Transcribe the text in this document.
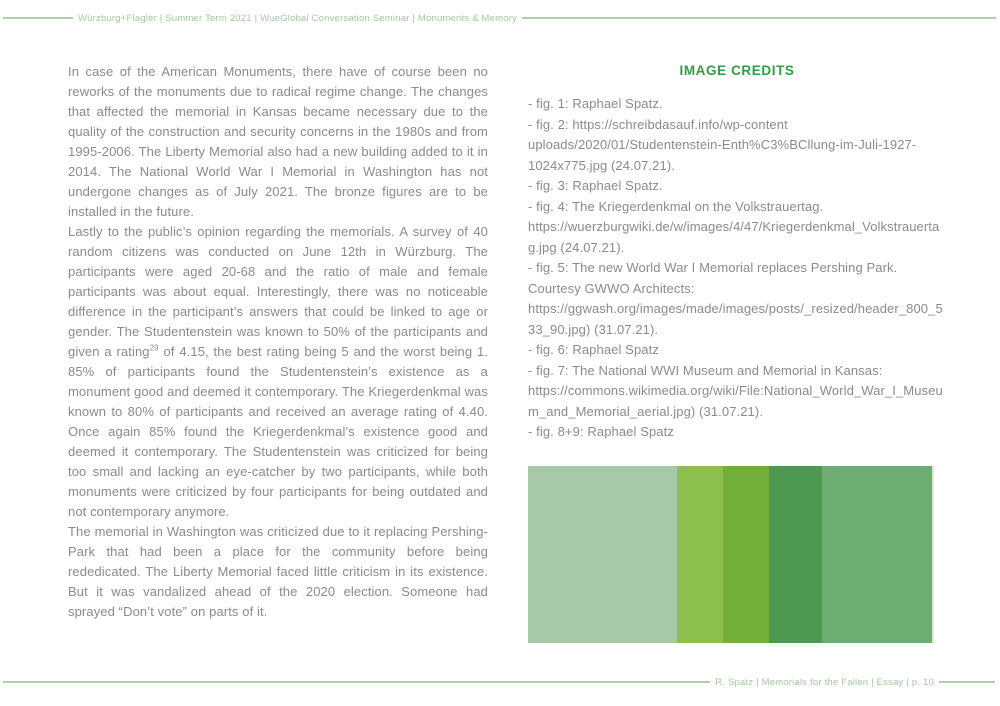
Würzburg+Flagler | Summer Term 2021 | WueGlobal Conversation Seminar | Monuments & Memory

In case of the American Monuments, there have of course been no reworks of the monuments due to radical regime change. The changes that affected the memorial in Kansas became necessary due to the quality of the construction and security concerns in the 1980s and from 1995-2006. The Liberty Memorial also had a new building added to it in 2014. The National World War I Memorial in Washington has not undergone changes as of July 2021. The bronze figures are to be installed in the future.

Lastly to the public’s opinion regarding the memorials. A survey of 40 random citizens was conducted on June 12th in Würzburg. The participants were aged 20-68 and the ratio of male and female participants was about equal. Interestingly, there was no noticeable difference in the participant’s answers that could be linked to age or gender. The Studentenstein was known to 50% of the participants and given a rating$^{29}$ of 4.15, the best rating being 5 and the worst being 1. 85% of participants found the Studentenstein’s existence as a monument good and deemed it contemporary. The Kriegerdenkmal was known to 80% of participants and received an average rating of 4.40. Once again 85% found the Kriegerdenkmal’s existence good and deemed it contemporary. The Studentenstein was criticized for being too small and lacking an eye-catcher by two participants, while both monuments were criticized by four participants for being outdated and not contemporary anymore.

The memorial in Washington was criticized due to it replacing Pershing-Park that had been a place for the community before being rededicated. The Liberty Memorial faced little criticism in its existence. But it was vandalized ahead of the 2020 election. Someone had sprayed “Don’t vote” on parts of it.

IMAGE CREDITS
- fig. 1: Raphael Spatz.
- fig. 2: https://schreibdasauf.info/wp-content uploads/2020/01/Studentenstein-Enth%C3%BCllung-im-Juli-1927-1024x775.jpg (24.07.21).
- fig. 3: Raphael Spatz.
- fig. 4: The Kriegerdenkmal on the Volkstrauertag. https://wuerzburgwiki.de/w/images/4/47/Kriegerdenkmal_Volkstrauertag.jpg (24.07.21).
- fig. 5: The new World War I Memorial replaces Pershing Park. Courtesy GWWO Architects: https://ggwash.org/images/made/images/posts/_resized/header_800_533_90.jpg) (31.07.21).
- fig. 6: Raphael Spatz
- fig. 7: The National WWI Museum and Memorial in Kansas: https://commons.wikimedia.org/wiki/File:National_World_War_I_Museum_and_Memorial_aerial.jpg) (31.07.21).
- fig. 8+9: Raphael Spatz
R. Spatz | Memorials for the Fallen | Essay | p. 10
